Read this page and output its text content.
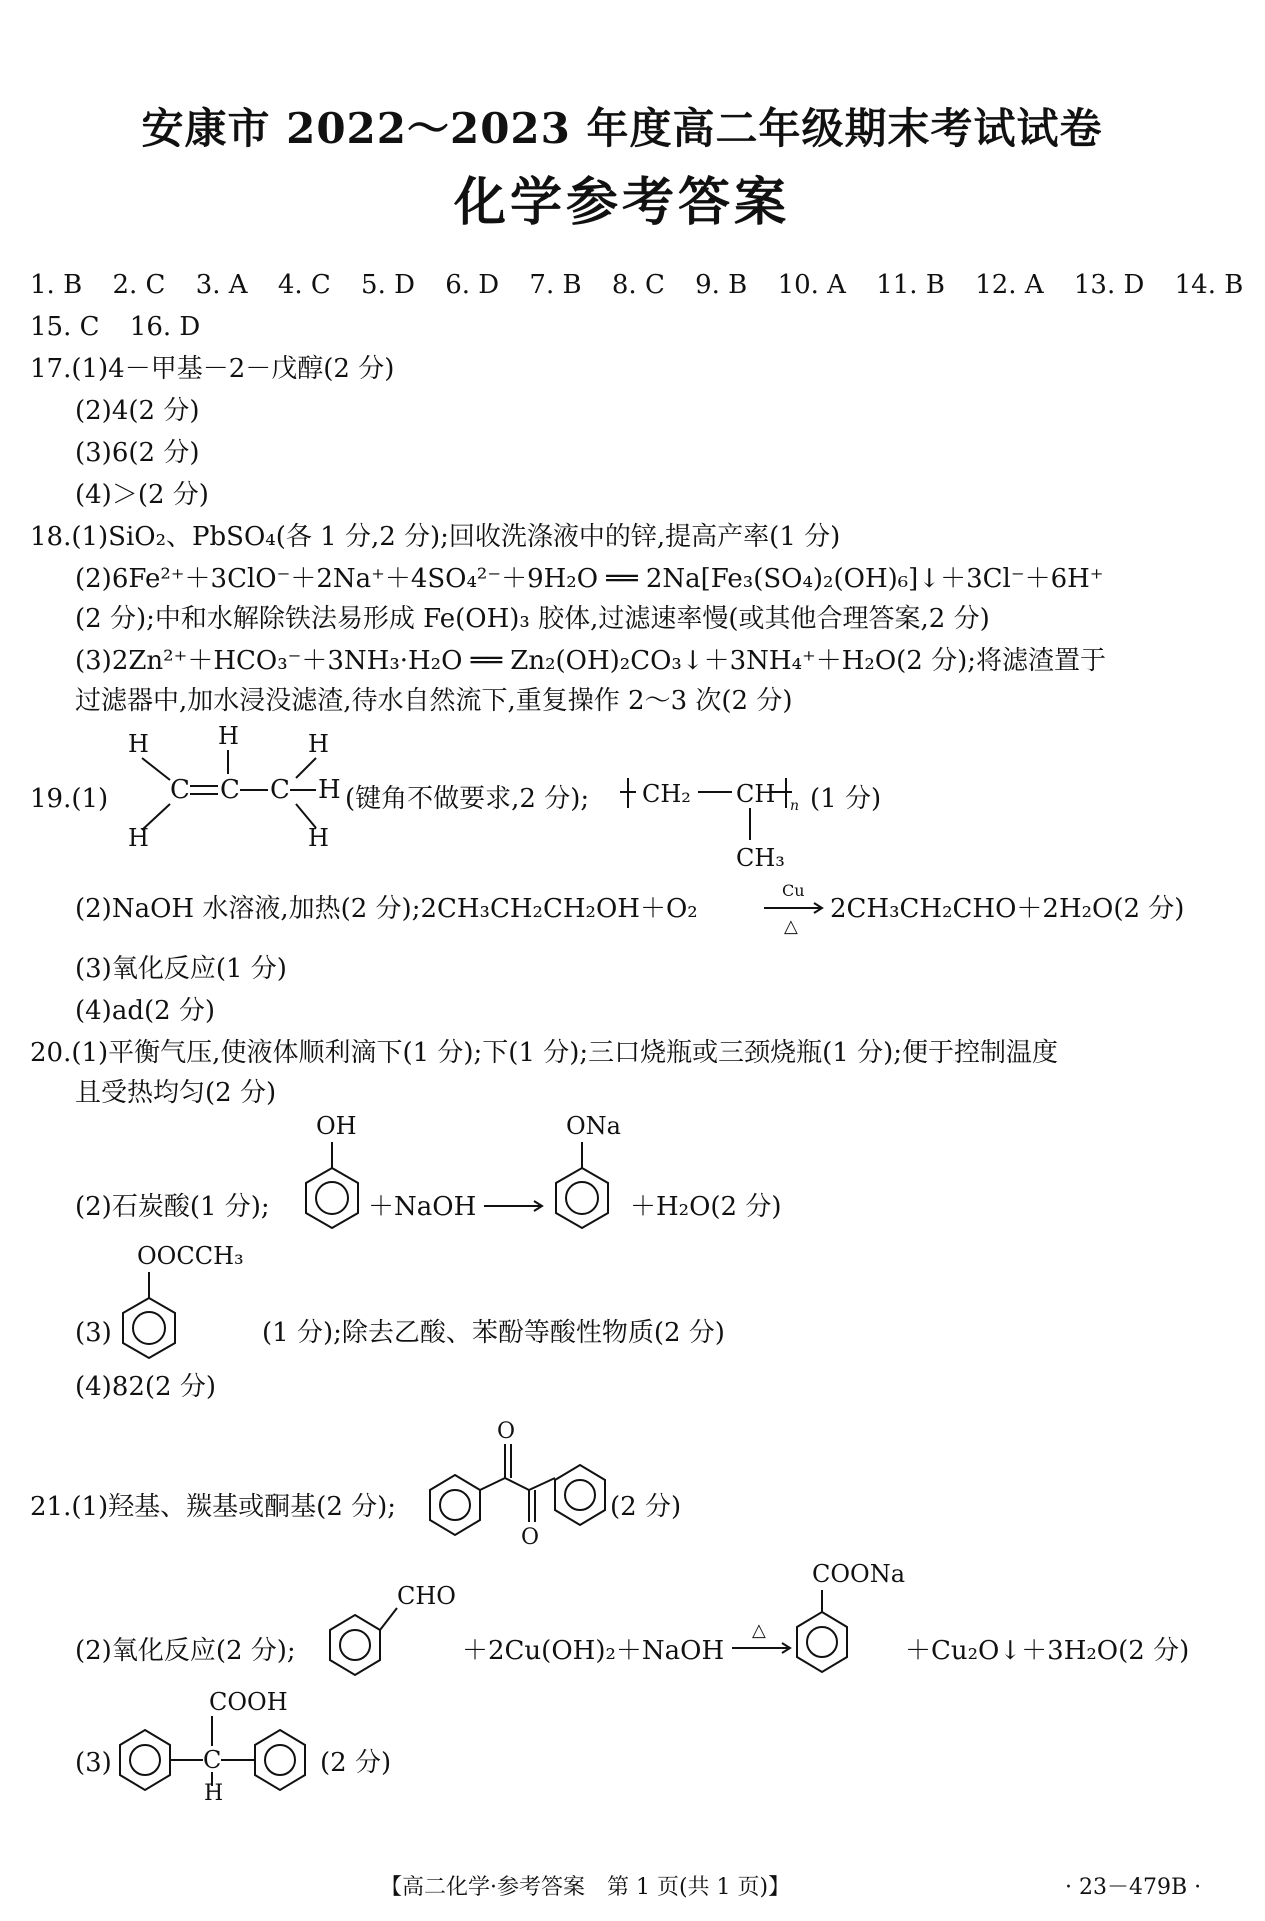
安康市 2022～2023 年度高二年级期末考试试卷
化学参考答案
1. B 2. C 3. A 4. C 5. D 6. D 7. B 8. C 9. B 10. A 11. B 12. A 13. D 14. B
15. C 16. D
17.(1)4－甲基－2－戊醇(2 分)
(2)4(2 分)
(3)6(2 分)
(4)＞(2 分)
18.(1)SiO₂、PbSO₄(各 1 分,2 分);回收洗涤液中的锌,提高产率(1 分)
(2)6Fe²⁺＋3ClO⁻＋2Na⁺＋4SO₄²⁻＋9H₂O ══ 2Na[Fe₃(SO₄)₂(OH)₆]↓＋3Cl⁻＋6H⁺
(2 分);中和水解除铁法易形成 Fe(OH)₃ 胶体,过滤速率慢(或其他合理答案,2 分)
(3)2Zn²⁺＋HCO₃⁻＋3NH₃·H₂O ══ Zn₂(OH)₂CO₃↓＋3NH₄⁺＋H₂O(2 分);将滤渣置于
过滤器中,加水浸没滤渣,待水自然流下,重复操作 2～3 次(2 分)
19.(1)
H	H	H
C C C H
H	H
(键角不做要求,2 分); CH₂ CH n
CH₃
(1 分)
(2)NaOH 水溶液,加热(2 分);2CH₃CH₂CH₂OH＋O₂
Cu
△
2CH₃CH₂CHO＋2H₂O(2 分)
(3)氧化反应(1 分)
(4)ad(2 分)
20.(1)平衡气压,使液体顺利滴下(1 分);下(1 分);三口烧瓶或三颈烧瓶(1 分);便于控制温度
且受热均匀(2 分)
(2)石炭酸(1 分);
OH
＋NaOH
ONa
＋H₂O(2 分)
(3)
OOCCH₃
(1 分);除去乙酸、苯酚等酸性物质(2 分)
(4)82(2 分)
21.(1)羟基、羰基或酮基(2 分);
O
O
(2 分)
(2)氧化反应(2 分);
CHO
＋2Cu(OH)₂＋NaOH
△
COONa
＋Cu₂O↓＋3H₂O(2 分)
(3)	C
COOH
H
(2 分)
【高二化学·参考答案　第 1 页(共 1 页)】	· 23－479B ·
